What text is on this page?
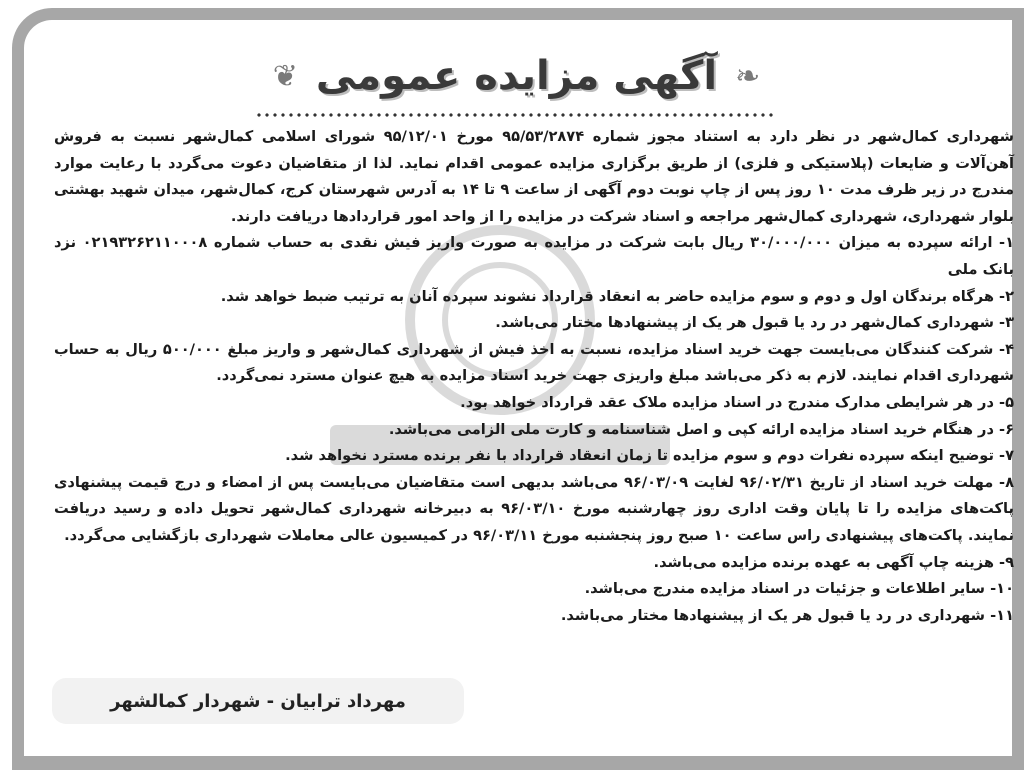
❦ آگهی مزایده عمومی ❧

شهرداری کمال‌شهر در نظر دارد به استناد مجوز شماره ۹۵/۵۳/۲۸۷۴ مورخ ۹۵/۱۲/۰۱ شورای اسلامی کمال‌شهر نسبت به فروش آهن‌آلات و ضایعات (پلاستیکی و فلزی) از طریق برگزاری مزایده عمومی اقدام نماید. لذا از متقاضیان دعوت می‌گردد با رعایت موارد مندرج در زیر ظرف مدت ۱۰ روز پس از چاپ نوبت دوم آگهی از ساعت ۹ تا ۱۴ به آدرس شهرستان کرج، کمال‌شهر، میدان شهید بهشتی بلوار شهرداری، شهرداری کمال‌شهر مراجعه و اسناد شرکت در مزایده را از واحد امور قراردادها دریافت دارند.

۱- ارائه سپرده به میزان ۳۰/۰۰۰/۰۰۰ ریال بابت شرکت در مزایده به صورت واریز فیش نقدی به حساب شماره ۰۲۱۹۳۲۶۲۱۱۰۰۰۸ نزد بانک ملی

۲- هرگاه برندگان اول و دوم و سوم مزایده حاضر به انعقاد قرارداد نشوند سپرده آنان به ترتیب ضبط خواهد شد.

۳- شهرداری کمال‌شهر در رد یا قبول هر یک از پیشنهادها مختار می‌باشد.

۴- شرکت کنندگان می‌بایست جهت خرید اسناد مزایده، نسبت به اخذ فیش از شهرداری کمال‌شهر و واریز مبلغ ۵۰۰/۰۰۰ ریال به حساب شهرداری اقدام نمایند. لازم به ذکر می‌باشد مبلغ واریزی جهت خرید اسناد مزایده به هیچ عنوان مسترد نمی‌گردد.

۵- در هر شرایطی مدارک مندرج در اسناد مزایده ملاک عقد قرارداد خواهد بود.

۶- در هنگام خرید اسناد مزایده ارائه کپی و اصل شناسنامه و کارت ملی الزامی می‌باشد.

۷- توضیح اینکه سپرده نفرات دوم و سوم مزایده تا زمان انعقاد قرارداد با نفر برنده مسترد نخواهد شد.

۸- مهلت خرید اسناد از تاریخ ۹۶/۰۲/۳۱ لغایت ۹۶/۰۳/۰۹ می‌باشد بدیهی است متقاضیان می‌بایست پس از امضاء و درج قیمت پیشنهادی پاکت‌های مزایده را تا پایان وقت اداری روز چهارشنبه مورخ ۹۶/۰۳/۱۰ به دبیرخانه شهرداری کمال‌شهر تحویل داده و رسید دریافت نمایند. پاکت‌های پیشنهادی راس ساعت ۱۰ صبح روز پنجشنبه مورخ ۹۶/۰۳/۱۱ در کمیسیون عالی معاملات شهرداری بازگشایی می‌گردد.

۹- هزینه چاپ آگهی به عهده برنده مزایده می‌باشد.

۱۰- سایر اطلاعات و جزئیات در اسناد مزایده مندرج می‌باشد.

۱۱- شهرداری در رد یا قبول هر یک از پیشنهادها مختار می‌باشد.

مهرداد ترابیان - شهردار کمالشهر
